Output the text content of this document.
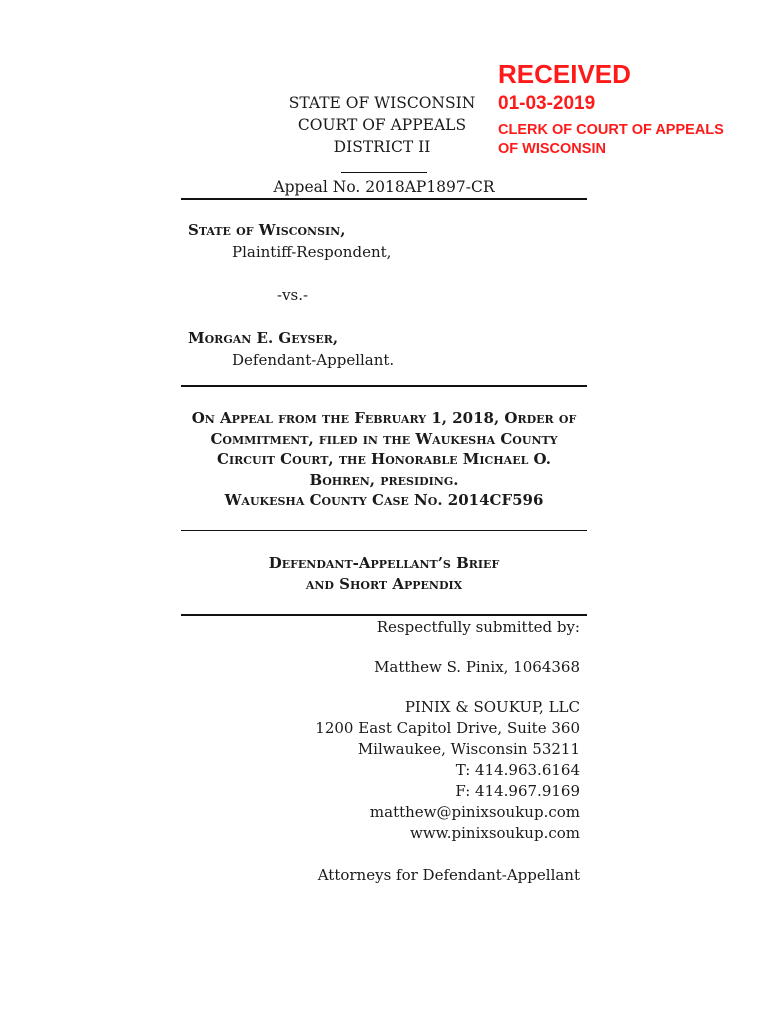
RECEIVED
01-03-2019
CLERK OF COURT OF APPEALS
OF WISCONSIN
STATE OF WISCONSIN
COURT OF APPEALS
DISTRICT II
Appeal No. 2018AP1897-CR
State of Wisconsin,
Plaintiff-Respondent,
-vs.-
Morgan E. Geyser,
Defendant-Appellant.
On Appeal from the February 1, 2018, Order of
Commitment, filed in the Waukesha County
Circuit Court, the Honorable Michael O.
Bohren, presiding.
Waukesha County Case No. 2014CF596
Defendant-Appellant’s Brief
and Short Appendix
Respectfully submitted by:
Matthew S. Pinix, 1064368
PINIX & SOUKUP, LLC
1200 East Capitol Drive, Suite 360
Milwaukee, Wisconsin 53211
T: 414.963.6164
F: 414.967.9169
matthew@pinixsoukup.com
www.pinixsoukup.com
Attorneys for Defendant-Appellant
